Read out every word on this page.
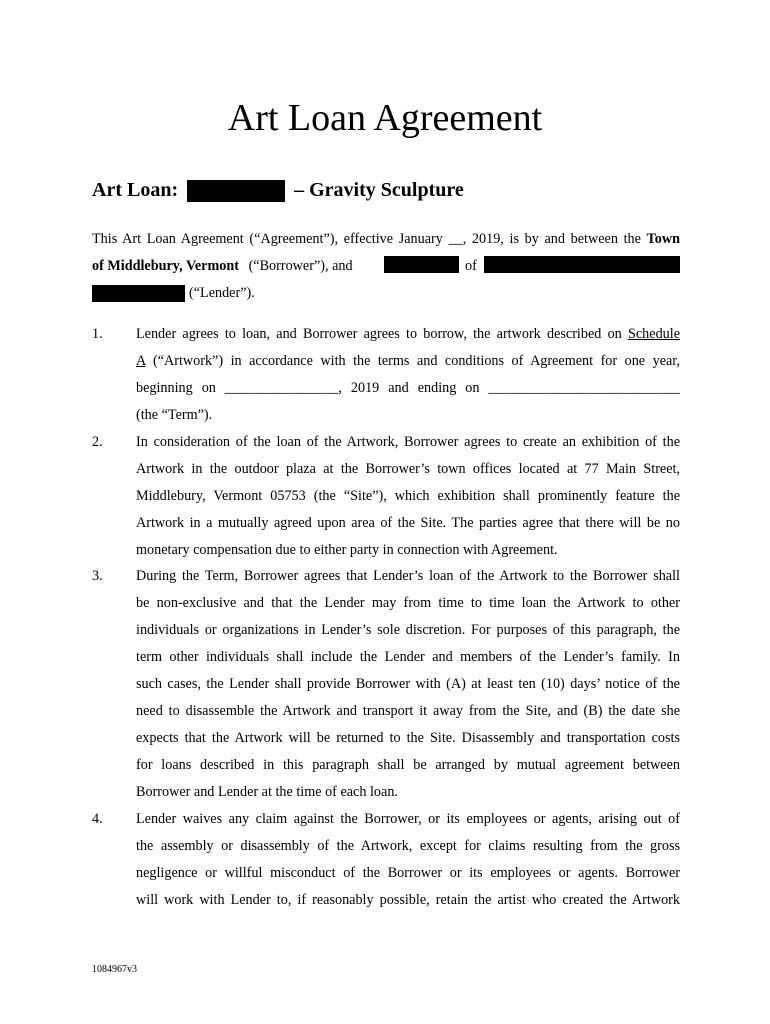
Art Loan Agreement
Art Loan:	– Gravity Sculpture
This Art Loan Agreement (“Agreement”), effective January __, 2019, is by and between the Town
of Middlebury, Vermont (“Borrower”), and	of
(“Lender”).
1. Lender agrees to loan, and Borrower agrees to borrow, the artwork described on Schedule
A (“Artwork”) in accordance with the terms and conditions of Agreement for one year,
beginning on ________________, 2019 and ending on ___________________________
(the “Term”).
2. In consideration of the loan of the Artwork, Borrower agrees to create an exhibition of the
Artwork in the outdoor plaza at the Borrower’s town offices located at 77 Main Street,
Middlebury, Vermont 05753 (the “Site”), which exhibition shall prominently feature the
Artwork in a mutually agreed upon area of the Site. The parties agree that there will be no
monetary compensation due to either party in connection with Agreement.
3. During the Term, Borrower agrees that Lender’s loan of the Artwork to the Borrower shall
be non-exclusive and that the Lender may from time to time loan the Artwork to other
individuals or organizations in Lender’s sole discretion. For purposes of this paragraph, the
term other individuals shall include the Lender and members of the Lender’s family. In
such cases, the Lender shall provide Borrower with (A) at least ten (10) days’ notice of the
need to disassemble the Artwork and transport it away from the Site, and (B) the date she
expects that the Artwork will be returned to the Site. Disassembly and transportation costs
for loans described in this paragraph shall be arranged by mutual agreement between
Borrower and Lender at the time of each loan.
4. Lender waives any claim against the Borrower, or its employees or agents, arising out of
the assembly or disassembly of the Artwork, except for claims resulting from the gross
negligence or willful misconduct of the Borrower or its employees or agents. Borrower
will work with Lender to, if reasonably possible, retain the artist who created the Artwork
1084967v3
